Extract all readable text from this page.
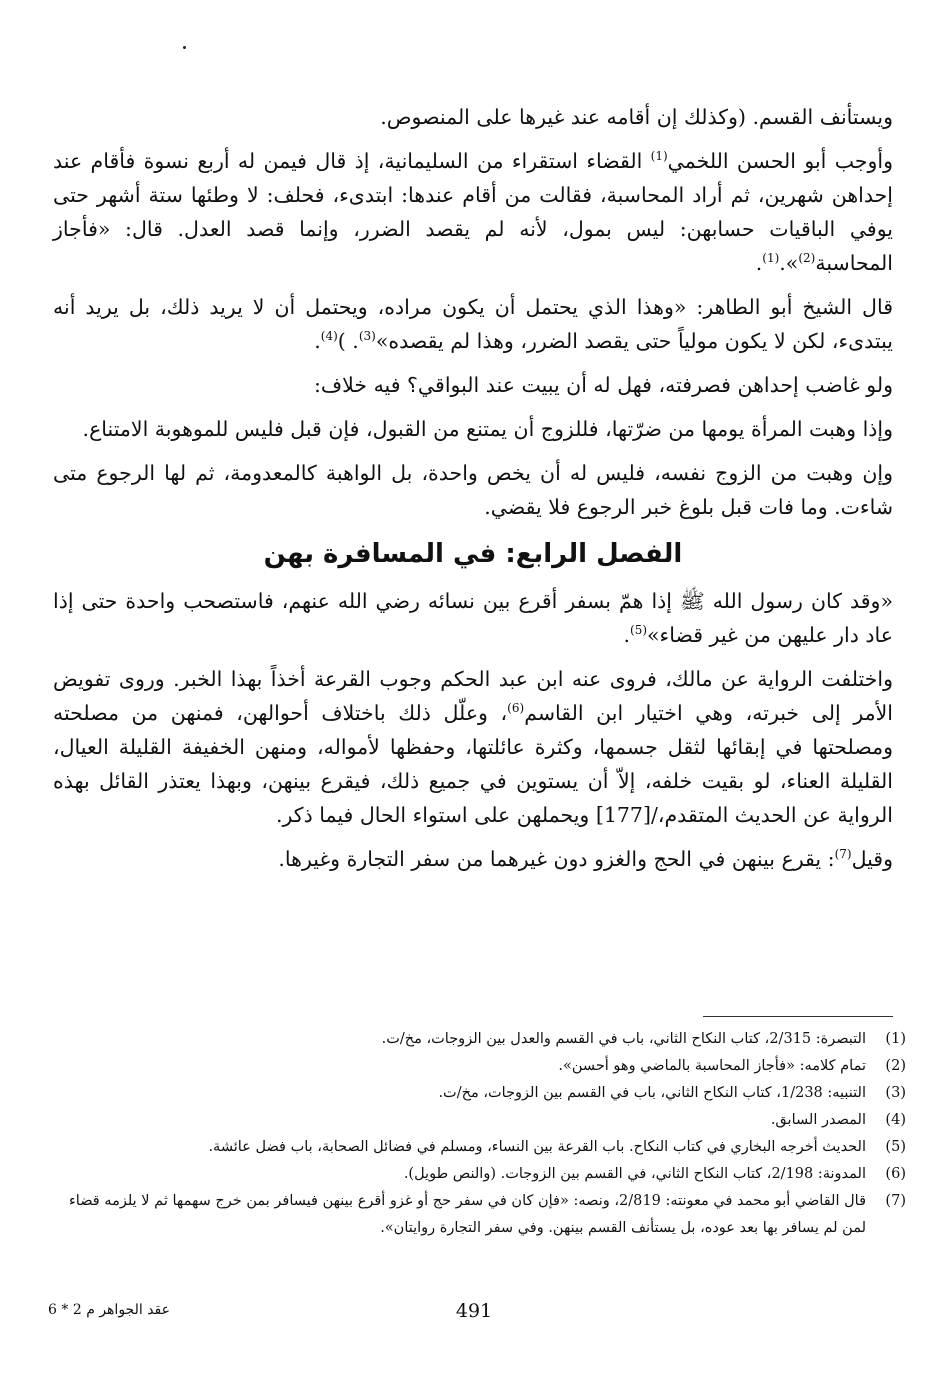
ويستأنف القسم. (وكذلك إن أقامه عند غيرها على المنصوص.

وأوجب أبو الحسن اللخمي$^{(1)}$ القضاء استقراء من السليمانية، إذ قال فيمن له أربع نسوة فأقام عند إحداهن شهرين، ثم أراد المحاسبة، فقالت من أقام عندها: ابتدىء، فحلف: لا وطئها ستة أشهر حتى يوفي الباقيات حسابهن: ليس بمول، لأنه لم يقصد الضرر، وإنما قصد العدل. قال: «فأجاز المحاسبة$^{(2)}$».$^{(1)}$.

قال الشيخ أبو الطاهر: «وهذا الذي يحتمل أن يكون مراده، ويحتمل أن لا يريد ذلك، بل يريد أنه يبتدىء، لكن لا يكون مولياً حتى يقصد الضرر، وهذا لم يقصده»$^{(3)}$. )$^{(4)}$.

ولو غاضب إحداهن فصرفته، فهل له أن يبيت عند البواقي؟ فيه خلاف:

وإذا وهبت المرأة يومها من ضرّتها، فللزوج أن يمتنع من القبول، فإن قبل فليس للموهوبة الامتناع.

وإن وهبت من الزوج نفسه، فليس له أن يخص واحدة، بل الواهبة كالمعدومة، ثم لها الرجوع متى شاءت. وما فات قبل بلوغ خبر الرجوع فلا يقضي.

الفصل الرابع: في المسافرة بهن

«وقد كان رسول الله ﷺ إذا همّ بسفر أقرع بين نسائه رضي الله عنهم، فاستصحب واحدة حتى إذا عاد دار عليهن من غير قضاء»$^{(5)}$.

واختلفت الرواية عن مالك، فروى عنه ابن عبد الحكم وجوب القرعة أخذاً بهذا الخبر. وروى تفويض الأمر إلى خبرته، وهي اختيار ابن القاسم$^{(6)}$، وعلّل ذلك باختلاف أحوالهن، فمنهن من مصلحته ومصلحتها في إبقائها لثقل جسمها، وكثرة عائلتها، وحفظها لأمواله، ومنهن الخفيفة القليلة العيال، القليلة العناء، لو بقيت خلفه، إلاّ أن يستوين في جميع ذلك، فيقرع بينهن، وبهذا يعتذر القائل بهذه الرواية عن الحديث المتقدم،/[177] ويحملهن على استواء الحال فيما ذكر.

وقيل$^{(7)}$: يقرع بينهن في الحج والغزو دون غيرهما من سفر التجارة وغيرها.

(1)
التبصرة: 2/315، كتاب النكاح الثاني، باب في القسم والعدل بين الزوجات، مخ/ت.
(2)
تمام كلامه: «فأجاز المحاسبة بالماضي وهو أحسن».
(3)
التنبيه: 1/238، كتاب النكاح الثاني، باب في القسم بين الزوجات، مخ/ت.
(4)
المصدر السابق.
(5)
الحديث أخرجه البخاري في كتاب النكاح. باب القرعة بين النساء، ومسلم في فضائل الصحابة، باب فضل عائشة.
(6)
المدونة: 2/198، كتاب النكاح الثاني، في القسم بين الزوجات. (والنص طويل).
(7)
قال القاضي أبو محمد في معونته: 2/819، ونصه: «فإن كان في سفر حج أو غزو أقرع بينهن فيسافر بمن خرج سهمها ثم لا يلزمه قضاء لمن لم يسافر بها بعد عوده، بل يستأنف القسم بينهن. وفي سفر التجارة روايتان».
491
عقد الجواهر م 2 * 6
